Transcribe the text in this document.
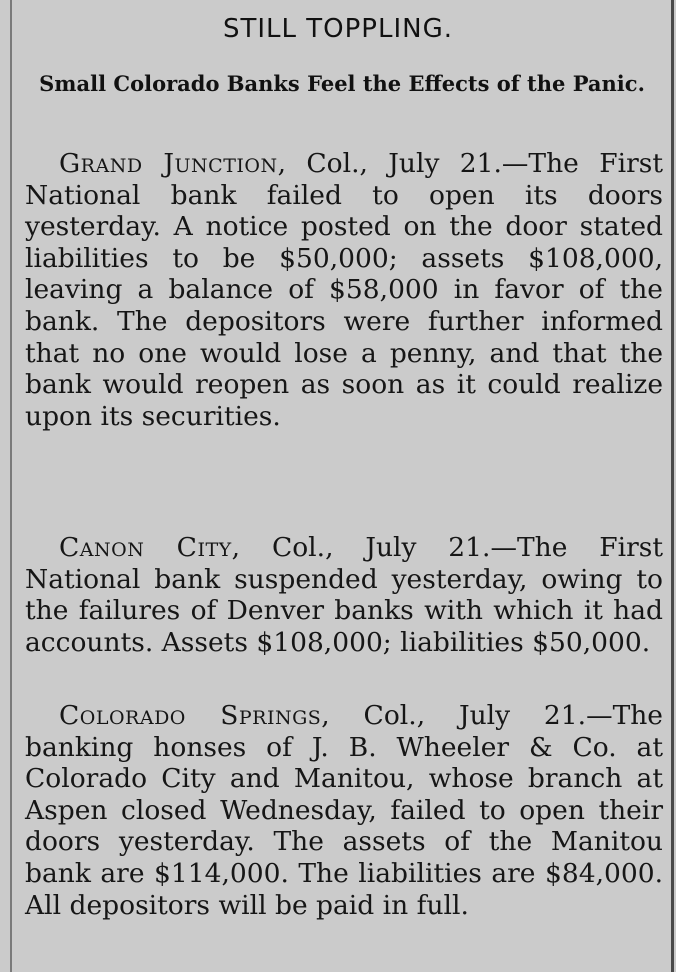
STILL TOPPLING.
Small Colorado Banks Feel the Effects of the Panic.

Grand Junction, Col., July 21.—The First National bank failed to open its doors yesterday. A notice posted on the door stated liabilities to be $50,000; assets $108,000, leaving a balance of $58,000 in favor of the bank. The depositors were further informed that no one would lose a penny, and that the bank would reopen as soon as it could realize upon its securities.

Canon City, Col., July 21.—The First National bank suspended yesterday, owing to the failures of Denver banks with which it had accounts. Assets $108,000; liabilities $50,000.

Colorado Springs, Col., July 21.—The banking honses of J. B. Wheeler & Co. at Colorado City and Manitou, whose branch at Aspen closed Wednesday, failed to open their doors yesterday. The assets of the Manitou bank are $114,000. The liabilities are $84,000. All depositors will be paid in full.
